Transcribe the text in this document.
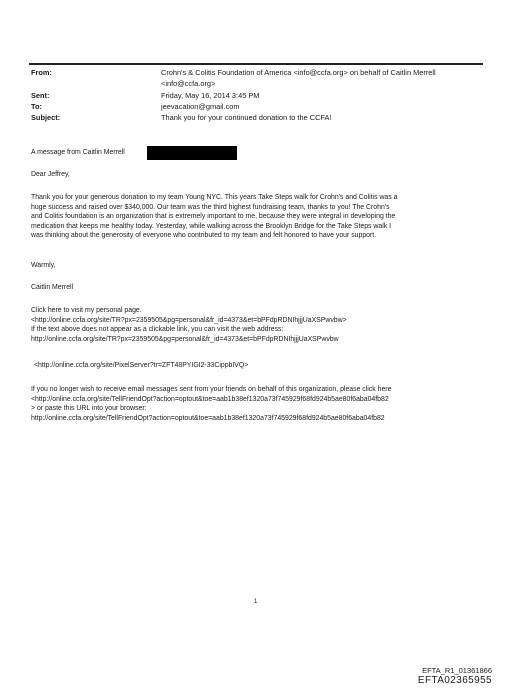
From:	Crohn's & Colitis Foundation of America <info@ccfa.org> on behalf of Caitlin Merrell
<info@ccfa.org>
Sent:	Friday, May 16, 2014 3:45 PM
To:	jeevacation@gmail.com
Subject:	Thank you for your continued donation to the CCFA!
A message from Caitlin Merrell
Dear Jeffrey,
Thank you for your generous donation to my team Young NYC. This years Take Steps walk for Crohn's and Colitis was a
huge success and raised over $340,000. Our team was the third highest fundraising team, thanks to you! The Crohn's
and Colitis foundation is an organization that is extremely important to me, because they were integral in developing the
medication that keeps me healthy today. Yesterday, while walking across the Brooklyn Bridge for the Take Steps walk I
was thinking about the generosity of everyone who contributed to my team and felt honored to have your support.
Warmly,
Caitlin Merrell
Click here to visit my personal page.
<http://online.ccfa.org/site/TR?px=2359505&pg=personal&fr_id=4373&et=bPFdpRDNIhjjjUaXSPwvbw>
If the text above does not appear as a clickable link, you can visit the web address:
http://online.ccfa.org/site/TR?px=2359505&pg=personal&fr_id=4373&et=bPFdpRDNIhjjjUaXSPwvbw
<http://online.ccfa.org/site/PixelServer?tr=ZFT48PYIGI2-33CippbIVQ>
If you no longer wish to receive email messages sent from your friends on behalf of this organization, please click here
<http://online.ccfa.org/site/TellFriendOpt?action=optout&toe=aab1b38ef1320a73f745929f68fd924b5ae80f6aba04fb82
> or paste this URL into your browser:
http://online.ccfa.org/site/TellFriendOpt?action=optout&toe=aab1b38ef1320a73f745929f68fd924b5ae80f6aba04fb82
1
EFTA_R1_01361866
EFTA02365955
